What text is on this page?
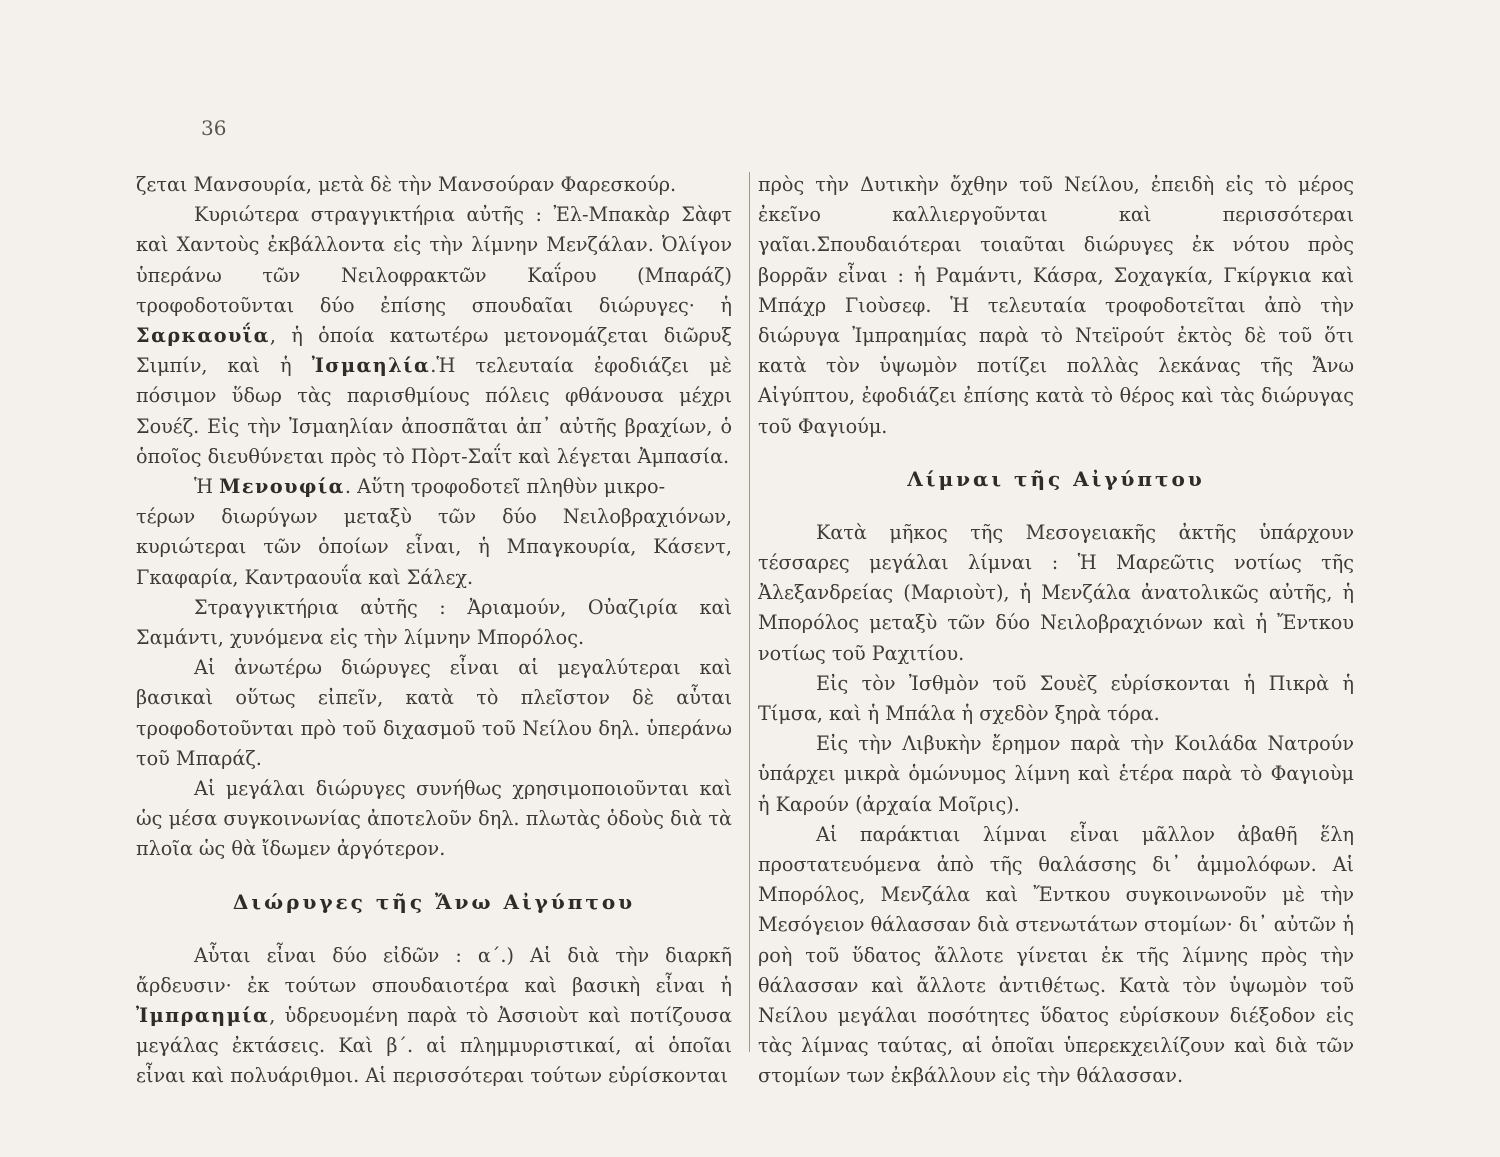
36

ζεται Μανσουρία, μετὰ δὲ τὴν Μανσούραν Φαρεσκούρ.

Κυριώτερα στραγγικτήρια αὐτῆς : Ἐλ-Μπακὰρ Σὰφτ καὶ Χαντοὺς ἐκβάλλοντα εἰς τὴν λίμνην Μενζάλαν. Ὀλίγον ὑπεράνω τῶν Νειλοφρακτῶν Καΐρου (Μπαράζ) τροφοδοτοῦνται δύο ἐπίσης σπουδαῖαι διώρυγες· ἡ Σαρκαουΐα, ἡ ὁποία κατωτέρω μετονομάζεται διῶρυξ Σιμπίν, καὶ ἡ Ἰσμαηλία.Ἡ τελευταία ἐφοδιάζει μὲ πόσιμον ὕδωρ τὰς παρισθμίους πόλεις φθάνουσα μέχρι Σουέζ. Εἰς τὴν Ἰσμαηλίαν ἀποσπᾶται ἀπ᾿ αὐτῆς βραχίων, ὁ ὁποῖος διευθύνεται πρὸς τὸ Πὸρτ-Σαΐτ καὶ λέγεται Ἀμπασία.

Ἡ Μενουφία. Αὕτη τροφοδοτεῖ πληθὺν μικρο-

τέρων διωρύγων μεταξὺ τῶν δύο Νειλοβραχιόνων, κυριώτεραι τῶν ὁποίων εἶναι, ἡ Μπαγκουρία, Κάσεντ, Γκαφαρία, Καντραουΐα καὶ Σάλεχ.

Στραγγικτήρια αὐτῆς : Ἀριαμούν, Οὐαζιρία καὶ Σαμάντι, χυνόμενα εἰς τὴν λίμνην Μπορόλος.

Αἱ ἀνωτέρω διώρυγες εἶναι αἱ μεγαλύτεραι καὶ βασικαὶ οὕτως εἰπεῖν, κατὰ τὸ πλεῖστον δὲ αὗται τροφοδοτοῦνται πρὸ τοῦ διχασμοῦ τοῦ Νείλου δηλ. ὑπεράνω τοῦ Μπαράζ.

Αἱ μεγάλαι διώρυγες συνήθως χρησιμοποιοῦνται καὶ ὡς μέσα συγκοινωνίας ἀποτελοῦν δηλ. πλωτὰς ὁδοὺς διὰ τὰ πλοῖα ὡς θὰ ἴδωμεν ἀργότερον.

Διώρυγες τῆς Ἄνω Αἰγύπτου

Αὗται εἶναι δύο εἰδῶν : α΄.) Αἱ διὰ τὴν διαρκῆ ἄρδευσιν· ἐκ τούτων σπουδαιοτέρα καὶ βασικὴ εἶναι ἡ Ἰμπραημία, ὑδρευομένη παρὰ τὸ Ἀσσιοὺτ καὶ ποτίζουσα μεγάλας ἐκτάσεις. Καὶ β΄. αἱ πλημμυριστικαί, αἱ ὁποῖαι εἶναι καὶ πολυάριθμοι. Αἱ περισσότεραι τούτων εὑρίσκονται

πρὸς τὴν Δυτικὴν ὄχθην τοῦ Νείλου, ἐπειδὴ εἰς τὸ μέρος ἐκεῖνο καλλιεργοῦνται καὶ περισσότεραι γαῖαι.Σπουδαιότεραι τοιαῦται διώρυγες ἐκ νότου πρὸς βορρᾶν εἶναι : ἡ Ραμάντι, Κάσρα, Σοχαγκία, Γκίργκια καὶ Μπάχρ Γιοὺσεφ. Ἡ τελευταία τροφοδοτεῖται ἀπὸ τὴν διώρυγα Ἰμπραημίας παρὰ τὸ Ντεϊρούτ ἐκτὸς δὲ τοῦ ὅτι κατὰ τὸν ὑψωμὸν ποτίζει πολλὰς λεκάνας τῆς Ἄνω Αἰγύπτου, ἐφοδιάζει ἐπίσης κατὰ τὸ θέρος καὶ τὰς διώρυγας τοῦ Φαγιούμ.

Λίμναι τῆς Αἰγύπτου

Κατὰ μῆκος τῆς Μεσογειακῆς ἀκτῆς ὑπάρχουν τέσσαρες μεγάλαι λίμναι : Ἡ Μαρεῶτις νοτίως τῆς Ἀλεξανδρείας (Μαριοὺτ), ἡ Μενζάλα ἀνατολικῶς αὐτῆς, ἡ Μπορόλος μεταξὺ τῶν δύο Νειλοβραχιόνων καὶ ἡ Ἔντκου νοτίως τοῦ Ραχιτίου.

Εἰς τὸν Ἰσθμὸν τοῦ Σουὲζ εὑρίσκονται ἡ Πικρὰ ἡ Τίμσα, καὶ ἡ Μπάλα ἡ σχεδὸν ξηρὰ τόρα.

Εἰς τὴν Λιβυκὴν ἔρημον παρὰ τὴν Κοιλάδα Νατρούν ὑπάρχει μικρὰ ὁμώνυμος λίμνη καὶ ἑτέρα παρὰ τὸ Φαγιοὺμ ἡ Καρούν (ἀρχαία Μοῖρις).

Αἱ παράκτιαι λίμναι εἶναι μᾶλλον ἀβαθῆ ἕλη προστατευόμενα ἀπὸ τῆς θαλάσσης δι᾿ ἀμμολόφων. Αἱ Μπορόλος, Μενζάλα καὶ Ἔντκου συγκοινωνοῦν μὲ τὴν Μεσόγειον θάλασσαν διὰ στενωτάτων στομίων· δι᾿ αὐτῶν ἡ ροὴ τοῦ ὕδατος ἄλλοτε γίνεται ἐκ τῆς λίμνης πρὸς τὴν θάλασσαν καὶ ἄλλοτε ἀντιθέτως. Κατὰ τὸν ὑψωμὸν τοῦ Νείλου μεγάλαι ποσότητες ὕδατος εὑρίσκουν διέξοδον εἰς τὰς λίμνας ταύτας, αἱ ὁποῖαι ὑπερεκχειλίζουν καὶ διὰ τῶν στομίων των ἐκβάλλουν εἰς τὴν θάλασσαν.
